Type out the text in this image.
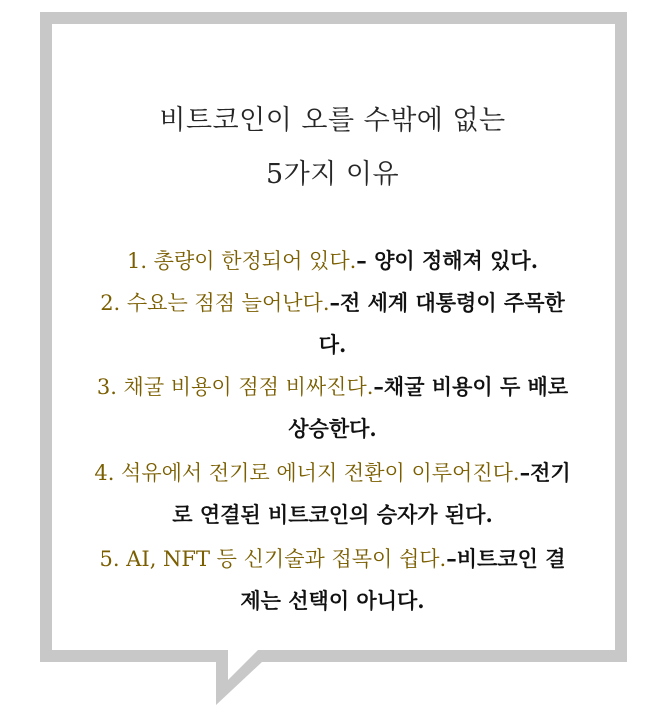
비트코인이 오를 수밖에 없는
5가지 이유
1. 총량이 한정되어 있다.– 양이 정해져 있다.
2. 수요는 점점 늘어난다.–전 세계 대통령이 주목한
다.
3. 채굴 비용이 점점 비싸진다.–채굴 비용이 두 배로
상승한다.
4. 석유에서 전기로 에너지 전환이 이루어진다.–전기
로 연결된 비트코인의 승자가 된다.
5. AI, NFT 등 신기술과 접목이 쉽다.–비트코인 결
제는 선택이 아니다.
